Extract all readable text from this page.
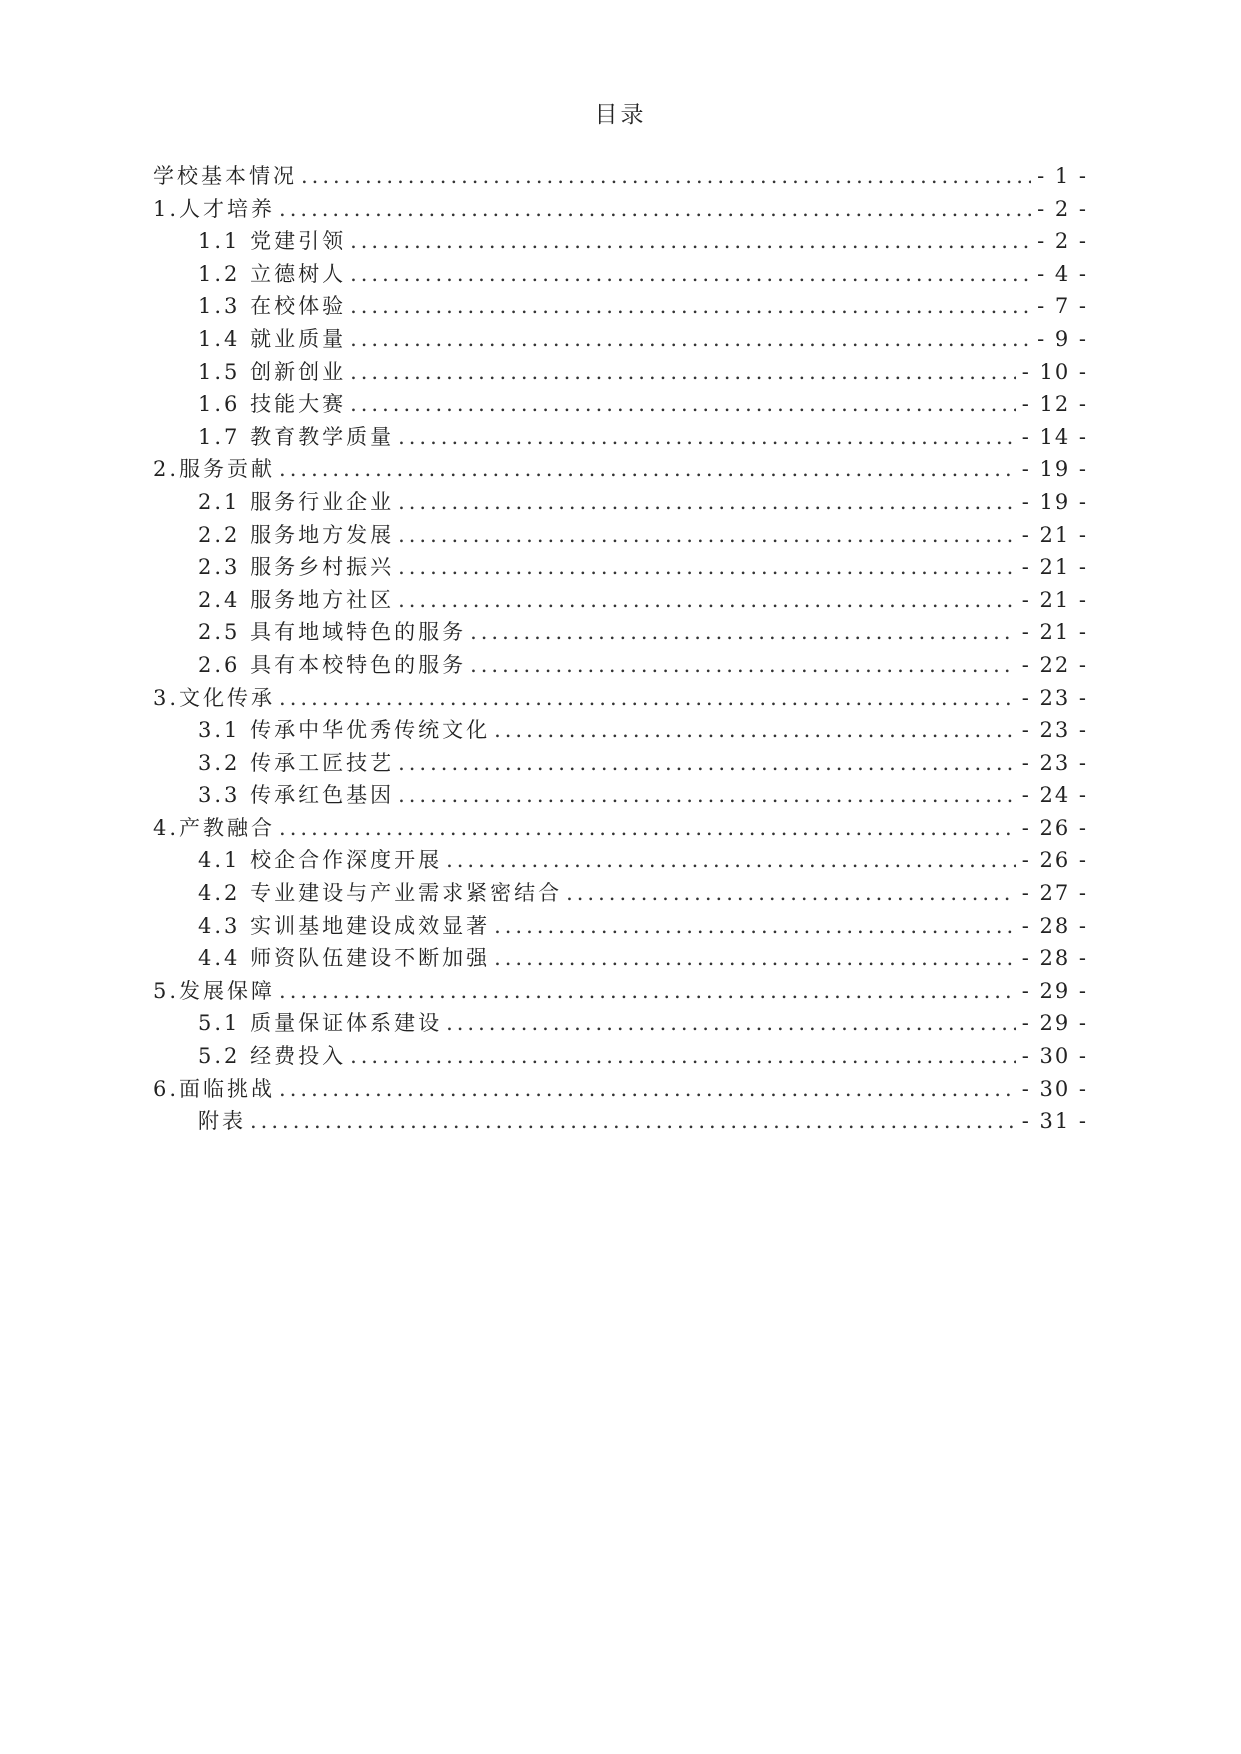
目录
学校基本情况 .....	- 1 -
1.人才培养 .....	- 2 -
1.1 党建引领 .....	- 2 -
1.2 立德树人 .....	- 4 -
1.3 在校体验 .....	- 7 -
1.4 就业质量 .....	- 9 -
1.5 创新创业 .....	- 10 -
1.6 技能大赛 .....	- 12 -
1.7 教育教学质量 .....	- 14 -
2.服务贡献 .....	- 19 -
2.1 服务行业企业 .....	- 19 -
2.2 服务地方发展 .....	- 21 -
2.3 服务乡村振兴 .....	- 21 -
2.4 服务地方社区 .....	- 21 -
2.5 具有地域特色的服务 .....	- 21 -
2.6 具有本校特色的服务 .....	- 22 -
3.文化传承 .....	- 23 -
3.1 传承中华优秀传统文化 .....	- 23 -
3.2 传承工匠技艺 .....	- 23 -
3.3 传承红色基因 .....	- 24 -
4.产教融合 .....	- 26 -
4.1 校企合作深度开展 .....	- 26 -
4.2 专业建设与产业需求紧密结合 .....	- 27 -
4.3 实训基地建设成效显著 .....	- 28 -
4.4 师资队伍建设不断加强 .....	- 28 -
5.发展保障 .....	- 29 -
5.1 质量保证体系建设 .....	- 29 -
5.2 经费投入 .....	- 30 -
6.面临挑战 .....	- 30 -
附表 .....	- 31 -
